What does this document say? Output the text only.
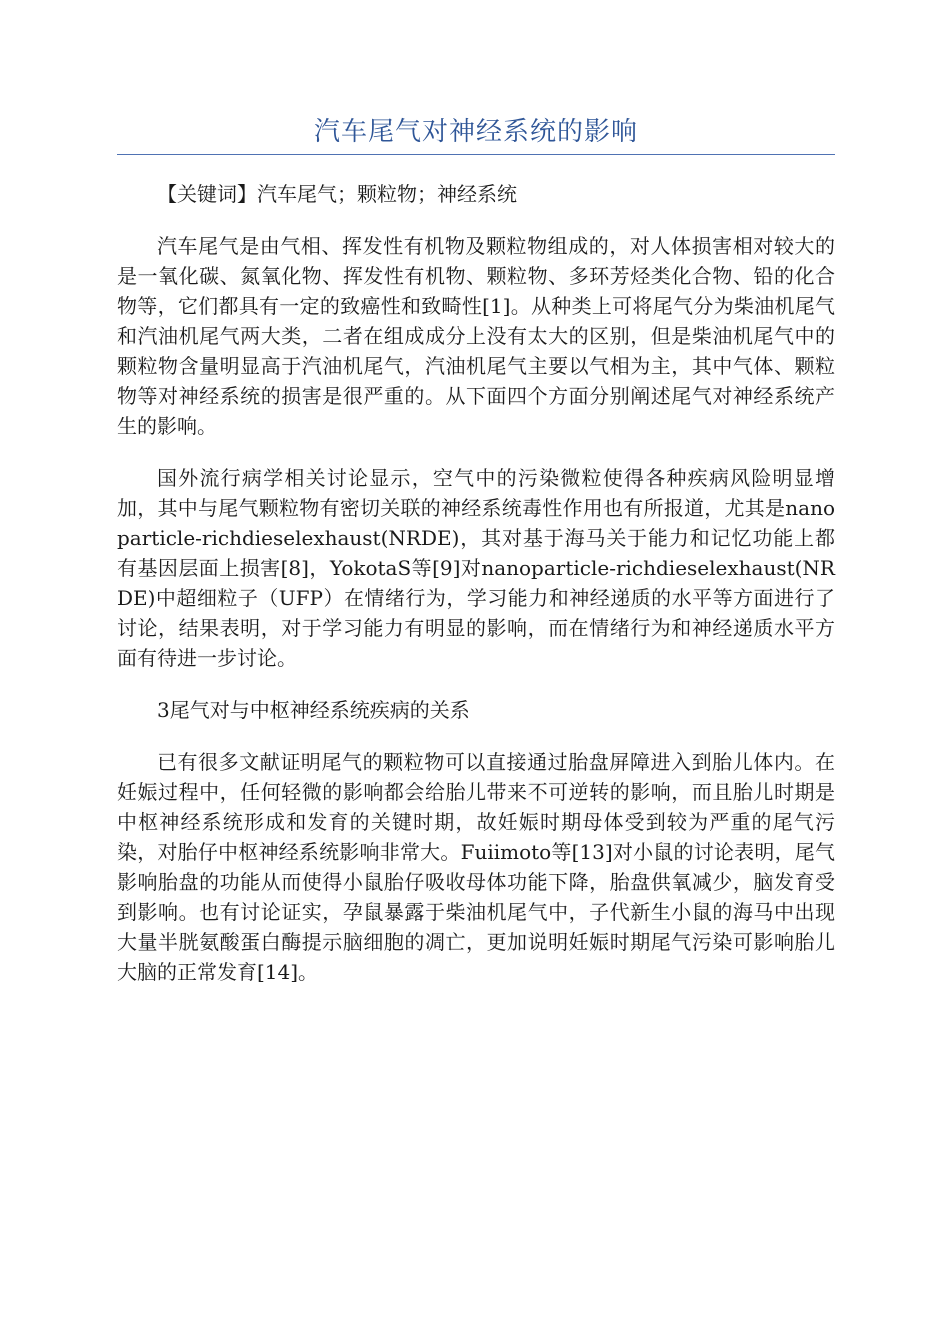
汽车尾气对神经系统的影响

【关键词】汽车尾气；颗粒物；神经系统

汽车尾气是由气相、挥发性有机物及颗粒物组成的，对人体损害相对较大的是一氧化碳、氮氧化物、挥发性有机物、颗粒物、多环芳烃类化合物、铅的化合物等，它们都具有一定的致癌性和致畸性[1]。从种类上可将尾气分为柴油机尾气和汽油机尾气两大类，二者在组成成分上没有太大的区别，但是柴油机尾气中的颗粒物含量明显高于汽油机尾气，汽油机尾气主要以气相为主，其中气体、颗粒物等对神经系统的损害是很严重的。从下面四个方面分别阐述尾气对神经系统产生的影响。

国外流行病学相关讨论显示，空气中的污染微粒使得各种疾病风险明显增加，其中与尾气颗粒物有密切关联的神经系统毒性作用也有所报道，尤其是nanoparticle-richdieselexhaust(NRDE)，其对基于海马关于能力和记忆功能上都有基因层面上损害[8]，YokotaS等[9]对nanoparticle-richdieselexhaust(NRDE)中超细粒子（UFP）在情绪行为，学习能力和神经递质的水平等方面进行了讨论，结果表明，对于学习能力有明显的影响，而在情绪行为和神经递质水平方面有待进一步讨论。

3尾气对与中枢神经系统疾病的关系

已有很多文献证明尾气的颗粒物可以直接通过胎盘屏障进入到胎儿体内。在妊娠过程中，任何轻微的影响都会给胎儿带来不可逆转的影响，而且胎儿时期是中枢神经系统形成和发育的关键时期，故妊娠时期母体受到较为严重的尾气污染，对胎仔中枢神经系统影响非常大。Fuiimoto等[13]对小鼠的讨论表明，尾气影响胎盘的功能从而使得小鼠胎仔吸收母体功能下降，胎盘供氧减少，脑发育受到影响。也有讨论证实，孕鼠暴露于柴油机尾气中，子代新生小鼠的海马中出现大量半胱氨酸蛋白酶提示脑细胞的凋亡，更加说明妊娠时期尾气污染可影响胎儿大脑的正常发育[14]。
